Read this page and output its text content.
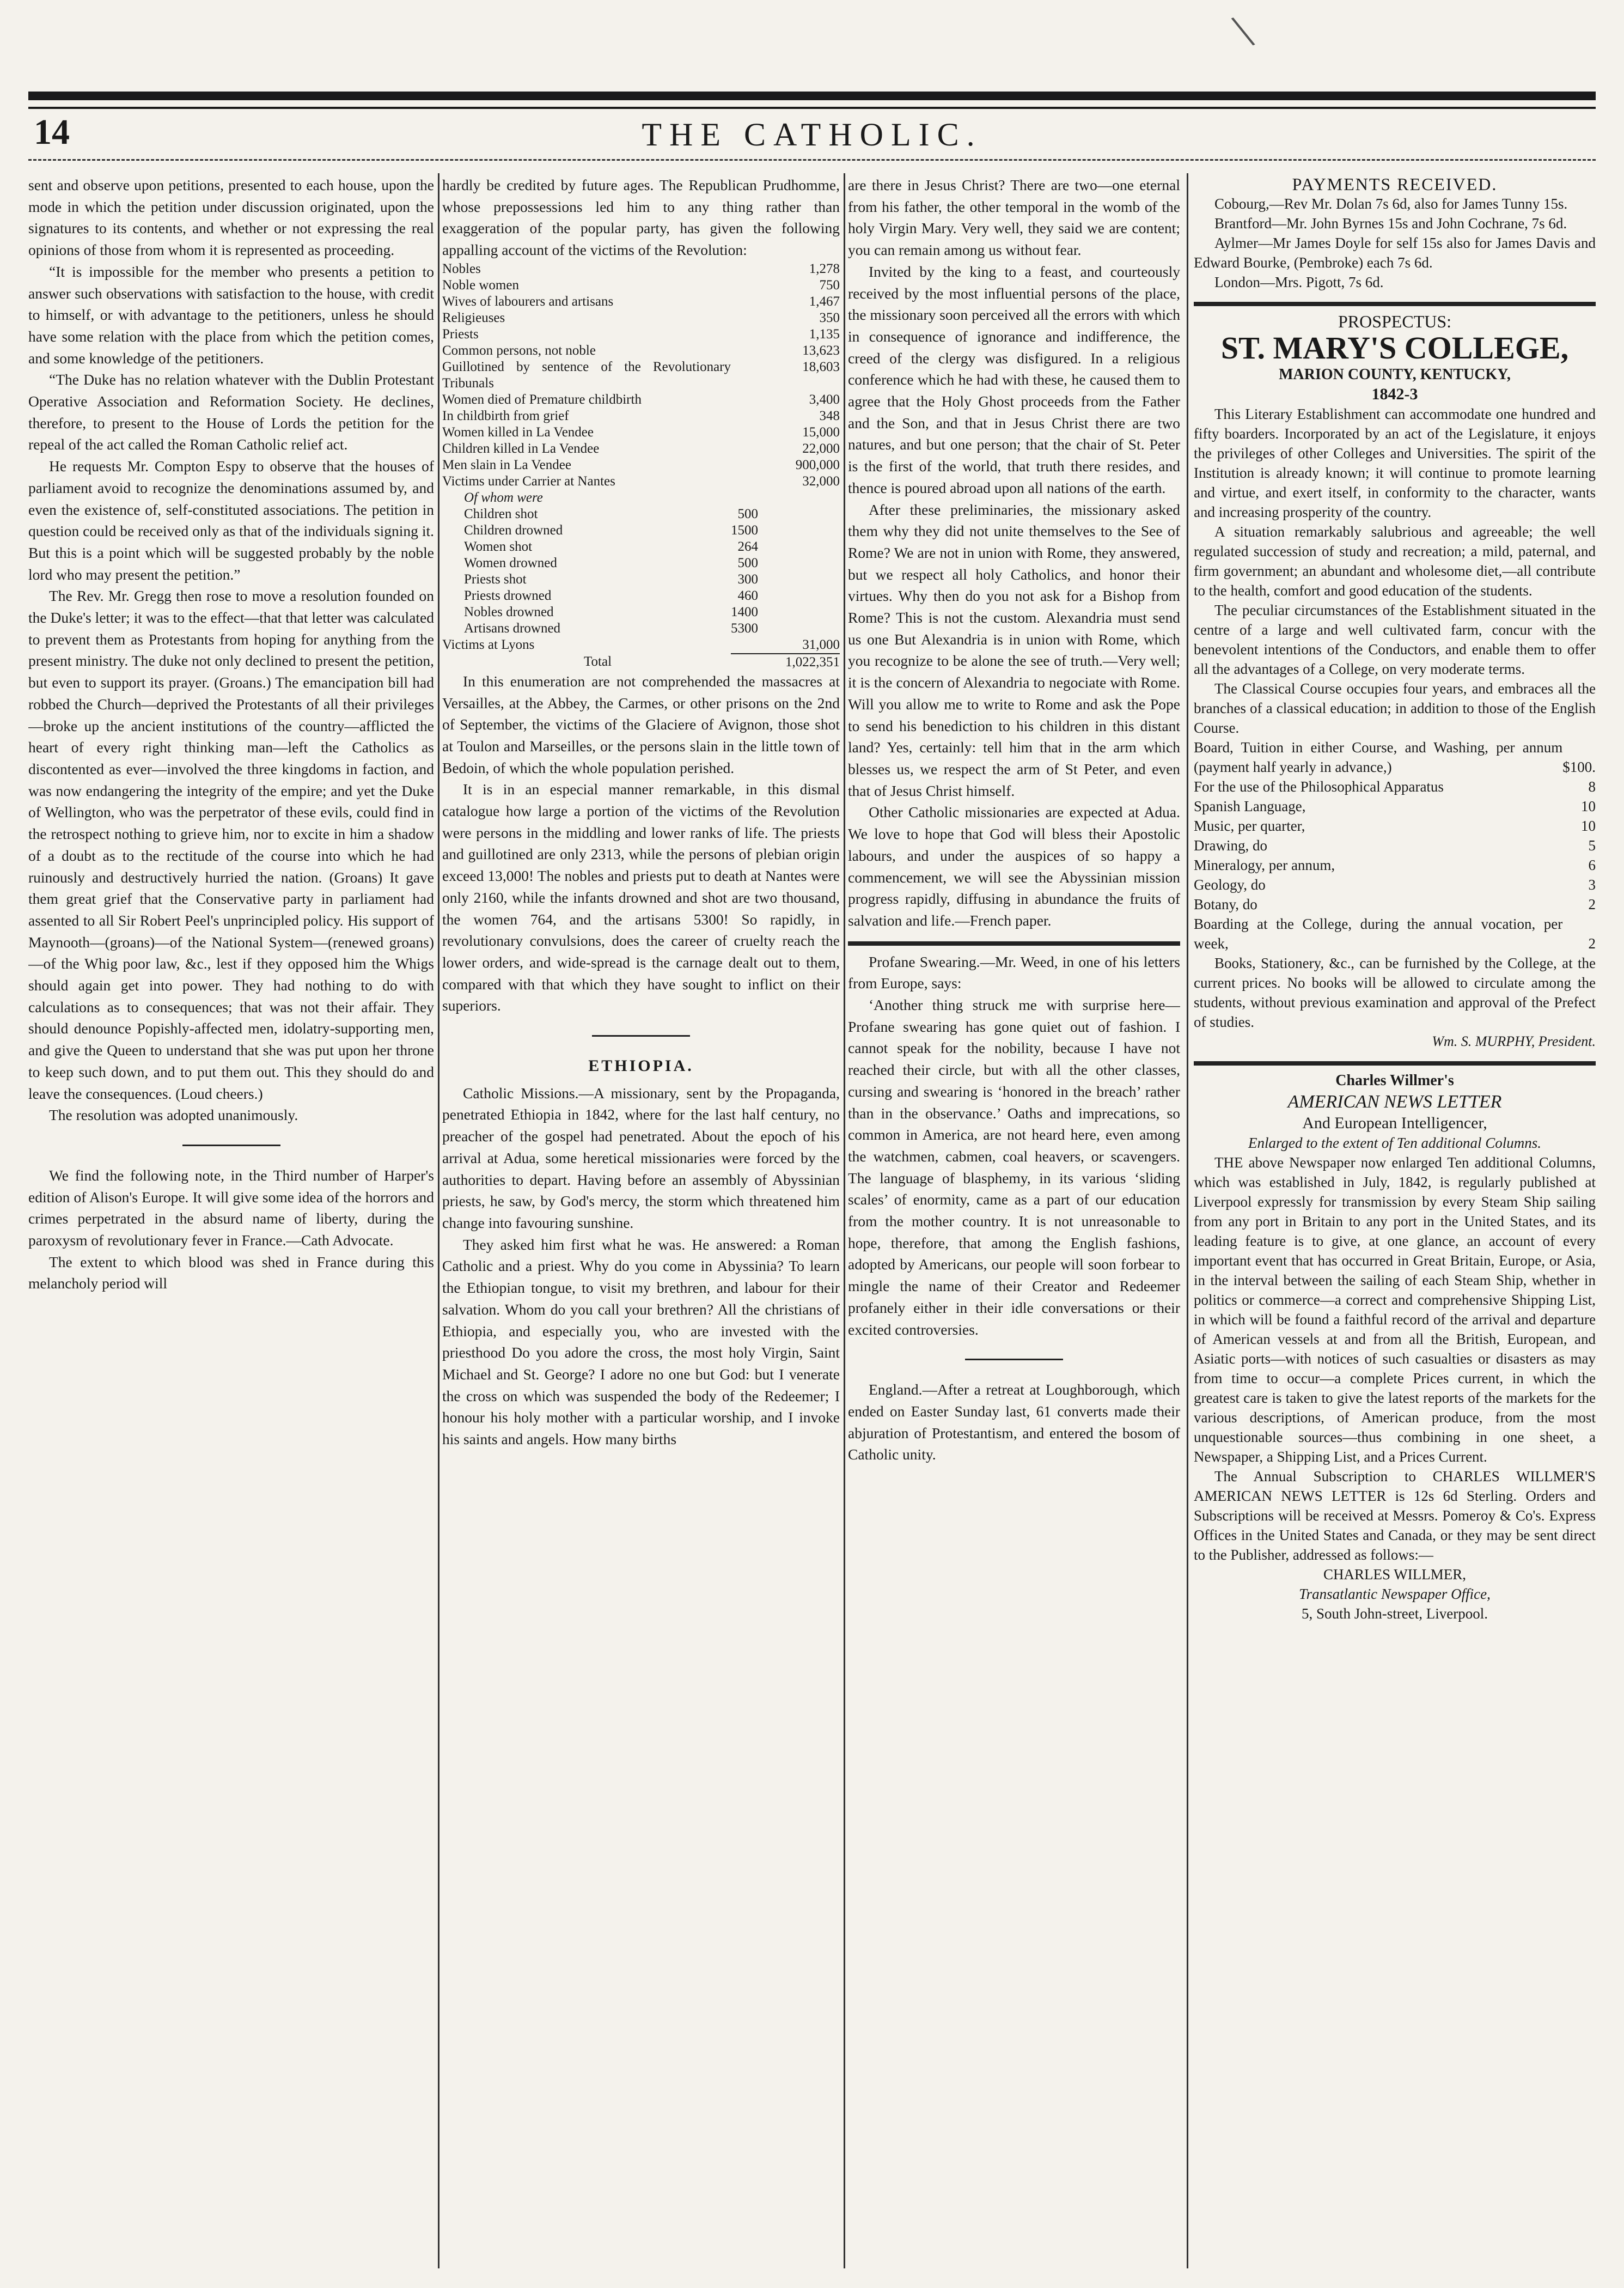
\
14	THE CATHOLIC.

sent and observe upon petitions, presented to each house, upon the mode in which the petition under discussion originated, upon the signatures to its contents, and whether or not expressing the real opinions of those from whom it is represented as proceeding.

“It is impossible for the member who presents a petition to answer such observations with satisfaction to the house, with credit to himself, or with advantage to the petitioners, unless he should have some relation with the place from which the petition comes, and some knowledge of the petitioners.

“The Duke has no relation whatever with the Dublin Protestant Operative Association and Reformation Society. He declines, therefore, to present to the House of Lords the petition for the repeal of the act called the Roman Catholic relief act.

He requests Mr. Compton Espy to observe that the houses of parliament avoid to recognize the denominations assumed by, and even the existence of, self-constituted associations. The petition in question could be received only as that of the individuals signing it. But this is a point which will be suggested probably by the noble lord who may present the petition.”

The Rev. Mr. Gregg then rose to move a resolution founded on the Duke's letter; it was to the effect—that that letter was calculated to prevent them as Protestants from hoping for anything from the present ministry. The duke not only declined to present the petition, but even to support its prayer. (Groans.) The emancipation bill had robbed the Church—deprived the Protestants of all their privileges—broke up the ancient institutions of the country—afflicted the heart of every right thinking man—left the Catholics as discontented as ever—involved the three kingdoms in faction, and was now endangering the integrity of the empire; and yet the Duke of Wellington, who was the perpetrator of these evils, could find in the retrospect nothing to grieve him, nor to excite in him a shadow of a doubt as to the rectitude of the course into which he had ruinously and destructively hurried the nation. (Groans) It gave them great grief that the Conservative party in parliament had assented to all Sir Robert Peel's unprincipled policy. His support of Maynooth—(groans)—of the National System—(renewed groans)—of the Whig poor law, &c., lest if they opposed him the Whigs should again get into power. They had nothing to do with calculations as to consequences; that was not their affair. They should denounce Popishly-affected men, idolatry-supporting men, and give the Queen to understand that she was put upon her throne to keep such down, and to put them out. This they should do and leave the consequences. (Loud cheers.)

The resolution was adopted unanimously.

We find the following note, in the Third number of Harper's edition of Alison's Europe. It will give some idea of the horrors and crimes perpetrated in the absurd name of liberty, during the paroxysm of revolutionary fever in France.—Cath Advocate.

The extent to which blood was shed in France during this melancholy period will

hardly be credited by future ages. The Republican Prudhomme, whose prepossessions led him to any thing rather than exaggeration of the popular party, has given the following appalling account of the victims of the Revolution:

Nobles	1,278
Noble women	750
Wives of labourers and artisans	1,467
Religieuses	350
Priests	1,135
Common persons, not noble	13,623
Guillotined by sentence of the Revolutionary Tribunals	18,603
Women died of Premature childbirth	3,400
In childbirth from grief	348
Women killed in La Vendee	15,000
Children killed in La Vendee	22,000
Men slain in La Vendee	900,000
Victims under Carrier at Nantes	32,000
Of whom were	
Children shot	500
Children drowned	1500
Women shot	264
Women drowned	500
Priests shot	300
Priests drowned	460
Nobles drowned	1400
Artisans drowned	5300
Victims at Lyons	31,000
Total	1,022,351

In this enumeration are not comprehended the massacres at Versailles, at the Abbey, the Carmes, or other prisons on the 2nd of September, the victims of the Glaciere of Avignon, those shot at Toulon and Marseilles, or the persons slain in the little town of Bedoin, of which the whole population perished.

It is in an especial manner remarkable, in this dismal catalogue how large a portion of the victims of the Revolution were persons in the middling and lower ranks of life. The priests and guillotined are only 2313, while the persons of plebian origin exceed 13,000! The nobles and priests put to death at Nantes were only 2160, while the infants drowned and shot are two thousand, the women 764, and the artisans 5300! So rapidly, in revolutionary convulsions, does the career of cruelty reach the lower orders, and wide-spread is the carnage dealt out to them, compared with that which they have sought to inflict on their superiors.

ETHIOPIA.

Catholic Missions.—A missionary, sent by the Propaganda, penetrated Ethiopia in 1842, where for the last half century, no preacher of the gospel had penetrated. About the epoch of his arrival at Adua, some heretical missionaries were forced by the authorities to depart. Having before an assembly of Abyssinian priests, he saw, by God's mercy, the storm which threatened him change into favouring sunshine.

They asked him first what he was. He answered: a Roman Catholic and a priest. Why do you come in Abyssinia? To learn the Ethiopian tongue, to visit my brethren, and labour for their salvation. Whom do you call your brethren? All the christians of Ethiopia, and especially you, who are invested with the priesthood Do you adore the cross, the most holy Virgin, Saint Michael and St. George? I adore no one but God: but I venerate the cross on which was suspended the body of the Redeemer; I honour his holy mother with a particular worship, and I invoke his saints and angels. How many births

are there in Jesus Christ? There are two—one eternal from his father, the other temporal in the womb of the holy Virgin Mary. Very well, they said we are content; you can remain among us without fear.

Invited by the king to a feast, and courteously received by the most influential persons of the place, the missionary soon perceived all the errors with which in consequence of ignorance and indifference, the creed of the clergy was disfigured. In a religious conference which he had with these, he caused them to agree that the Holy Ghost proceeds from the Father and the Son, and that in Jesus Christ there are two natures, and but one person; that the chair of St. Peter is the first of the world, that truth there resides, and thence is poured abroad upon all nations of the earth.

After these preliminaries, the missionary asked them why they did not unite themselves to the See of Rome? We are not in union with Rome, they answered, but we respect all holy Catholics, and honor their virtues. Why then do you not ask for a Bishop from Rome? This is not the custom. Alexandria must send us one But Alexandria is in union with Rome, which you recognize to be alone the see of truth.—Very well; it is the concern of Alexandria to negociate with Rome. Will you allow me to write to Rome and ask the Pope to send his benediction to his children in this distant land? Yes, certainly: tell him that in the arm which blesses us, we respect the arm of St Peter, and even that of Jesus Christ himself.

Other Catholic missionaries are expected at Adua. We love to hope that God will bless their Apostolic labours, and under the auspices of so happy a commencement, we will see the Abyssinian mission progress rapidly, diffusing in abundance the fruits of salvation and life.—French paper.

Profane Swearing.—Mr. Weed, in one of his letters from Europe, says:

‘Another thing struck me with surprise here—Profane swearing has gone quiet out of fashion. I cannot speak for the nobility, because I have not reached their circle, but with all the other classes, cursing and swearing is ‘honored in the breach’ rather than in the observance.’ Oaths and imprecations, so common in America, are not heard here, even among the watchmen, cabmen, coal heavers, or scavengers. The language of blasphemy, in its various ‘sliding scales’ of enormity, came as a part of our education from the mother country. It is not unreasonable to hope, therefore, that among the English fashions, adopted by Americans, our people will soon forbear to mingle the name of their Creator and Redeemer profanely either in their idle conversations or their excited controversies.

England.—After a retreat at Loughborough, which ended on Easter Sunday last, 61 converts made their abjuration of Protestantism, and entered the bosom of Catholic unity.

PAYMENTS RECEIVED.

Cobourg,—Rev Mr. Dolan 7s 6d, also for James Tunny 15s.

Brantford—Mr. John Byrnes 15s and John Cochrane, 7s 6d.

Aylmer—Mr James Doyle for self 15s also for James Davis and Edward Bourke, (Pembroke) each 7s 6d.

London—Mrs. Pigott, 7s 6d.

PROSPECTUS:
ST. MARY'S COLLEGE,
MARION COUNTY, KENTUCKY,
1842-3

This Literary Establishment can accommodate one hundred and fifty boarders. Incorporated by an act of the Legislature, it enjoys the privileges of other Colleges and Universities. The spirit of the Institution is already known; it will continue to promote learning and virtue, and exert itself, in conformity to the character, wants and increasing prosperity of the country.

A situation remarkably salubrious and agreeable; the well regulated succession of study and recreation; a mild, paternal, and firm government; an abundant and wholesome diet,—all contribute to the health, comfort and good education of the students.

The peculiar circumstances of the Establishment situated in the centre of a large and well cultivated farm, concur with the benevolent intentions of the Conductors, and enable them to offer all the advantages of a College, on very moderate terms.

The Classical Course occupies four years, and embraces all the branches of a classical education; in addition to those of the English Course.

Board, Tuition in either Course, and Washing, per annum (payment half yearly in advance,)	$100.
For the use of the Philosophical Apparatus	8
Spanish Language,	10
Music, per quarter,	10
Drawing, do	5
Mineralogy, per annum,	6
Geology, do	3
Botany, do	2
Boarding at the College, during the annual vocation, per week,	2

Books, Stationery, &c., can be furnished by the College, at the current prices. No books will be allowed to circulate among the students, without previous examination and approval of the Prefect of studies.

Wm. S. MURPHY, President.
Charles Willmer's
AMERICAN NEWS LETTER
And European Intelligencer,
Enlarged to the extent of Ten additional Columns.

THE above Newspaper now enlarged Ten additional Columns, which was established in July, 1842, is regularly published at Liverpool expressly for transmission by every Steam Ship sailing from any port in Britain to any port in the United States, and its leading feature is to give, at one glance, an account of every important event that has occurred in Great Britain, Europe, or Asia, in the interval between the sailing of each Steam Ship, whether in politics or commerce—a correct and comprehensive Shipping List, in which will be found a faithful record of the arrival and departure of American vessels at and from all the British, European, and Asiatic ports—with notices of such casualties or disasters as may from time to occur—a complete Prices current, in which the greatest care is taken to give the latest reports of the markets for the various descriptions, of American produce, from the most unquestionable sources—thus combining in one sheet, a Newspaper, a Shipping List, and a Prices Current.

The Annual Subscription to CHARLES WILLMER'S AMERICAN NEWS LETTER is 12s 6d Sterling. Orders and Subscriptions will be received at Messrs. Pomeroy & Co's. Express Offices in the United States and Canada, or they may be sent direct to the Publisher, addressed as follows:—

CHARLES WILLMER,
Transatlantic Newspaper Office,
5, South John-street, Liverpool.
